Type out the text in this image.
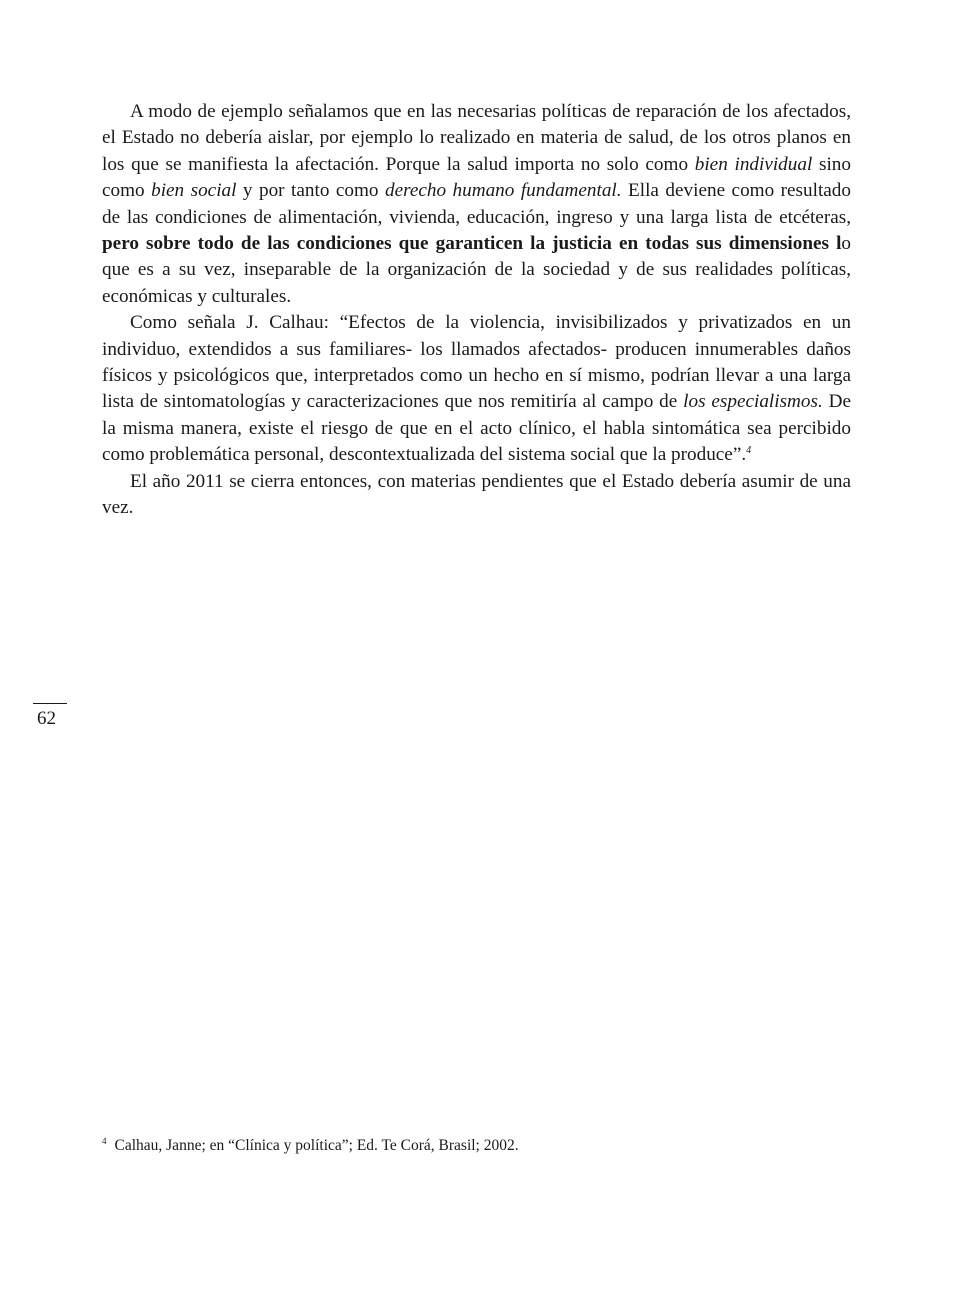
A modo de ejemplo señalamos que en las necesarias políticas de reparación de los afectados, el Estado no debería aislar, por ejemplo lo realizado en materia de salud, de los otros planos en los que se manifiesta la afectación. Porque la salud importa no solo como bien individual sino como bien social y por tanto como derecho humano fundamental. Ella deviene como resultado de las condiciones de alimentación, vivienda, educación, ingreso y una larga lista de etcéteras, pero sobre todo de las condiciones que garanticen la justicia en todas sus dimensiones lo que es a su vez, inseparable de la organización de la sociedad y de sus realidades políticas, económicas y culturales.

Como señala J. Calhau: “Efectos de la violencia, invisibilizados y privatizados en un individuo, extendidos a sus familiares- los llamados afectados- producen innumerables daños físicos y psicológicos que, interpretados como un hecho en sí mismo, podrían llevar a una larga lista de sintomatologías y caracterizaciones que nos remitiría al campo de los especialismos. De la misma manera, existe el riesgo de que en el acto clínico, el habla sintomática sea percibido como problemática personal, descontextualizada del sistema social que la produce”.$^4$

El año 2011 se cierra entonces, con materias pendientes que el Estado debería asumir de una vez.

62
$^4$ Calhau, Janne; en “Clínica y política”; Ed. Te Corá, Brasil; 2002.
